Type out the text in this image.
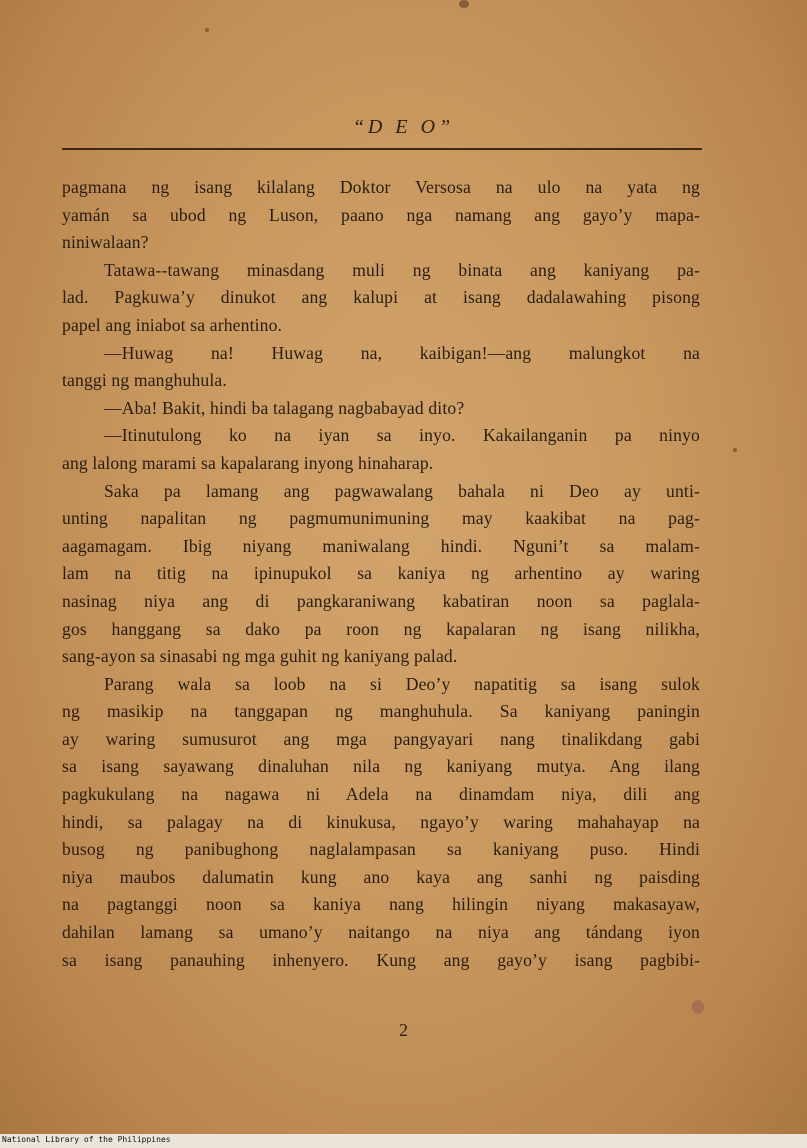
“D E O”
pagmana ng isang kilalang Doktor Versosa na ulo na yata ng
yamán sa ubod ng Luson, paano nga namang ang gayo’y mapa-
niniwalaan?
Tatawa--tawang minasdang muli ng binata ang kaniyang pa-
lad. Pagkuwa’y dinukot ang kalupi at isang dadalawahing pisong
papel ang iniabot sa arhentino.
—Huwag na! Huwag na, kaibigan!—ang malungkot na
tanggi ng manghuhula.
—Aba! Bakit, hindi ba talagang nagbabayad dito?
—Itinutulong ko na iyan sa inyo. Kakailanganin pa ninyo
ang lalong marami sa kapalarang inyong hinaharap.
Saka pa lamang ang pagwawalang bahala ni Deo ay unti-
unting napalitan ng pagmumunimuning may kaakibat na pag-
aagamagam. Ibig niyang maniwalang hindi. Nguni’t sa malam-
lam na titig na ipinupukol sa kaniya ng arhentino ay waring
nasinag niya ang di pangkaraniwang kabatiran noon sa paglala-
gos hanggang sa dako pa roon ng kapalaran ng isang nilikha,
sang-ayon sa sinasabi ng mga guhit ng kaniyang palad.
Parang wala sa loob na si Deo’y napatitig sa isang sulok
ng masikip na tanggapan ng manghuhula. Sa kaniyang paningin
ay waring sumusurot ang mga pangyayari nang tinalikdang gabi
sa isang sayawang dinaluhan nila ng kaniyang mutya. Ang ilang
pagkukulang na nagawa ni Adela na dinamdam niya, dili ang
hindi, sa palagay na di kinukusa, ngayo’y waring mahahayap na
busog ng panibughong naglalampasan sa kaniyang puso. Hindi
niya maubos dalumatin kung ano kaya ang sanhi ng paisding
na pagtanggi noon sa kaniya nang hilingin niyang makasayaw,
dahilan lamang sa umano’y naitango na niya ang tándang iyon
sa isang panauhing inhenyero. Kung ang gayo’y isang pagbibi-
2
National Library of the Philippines
